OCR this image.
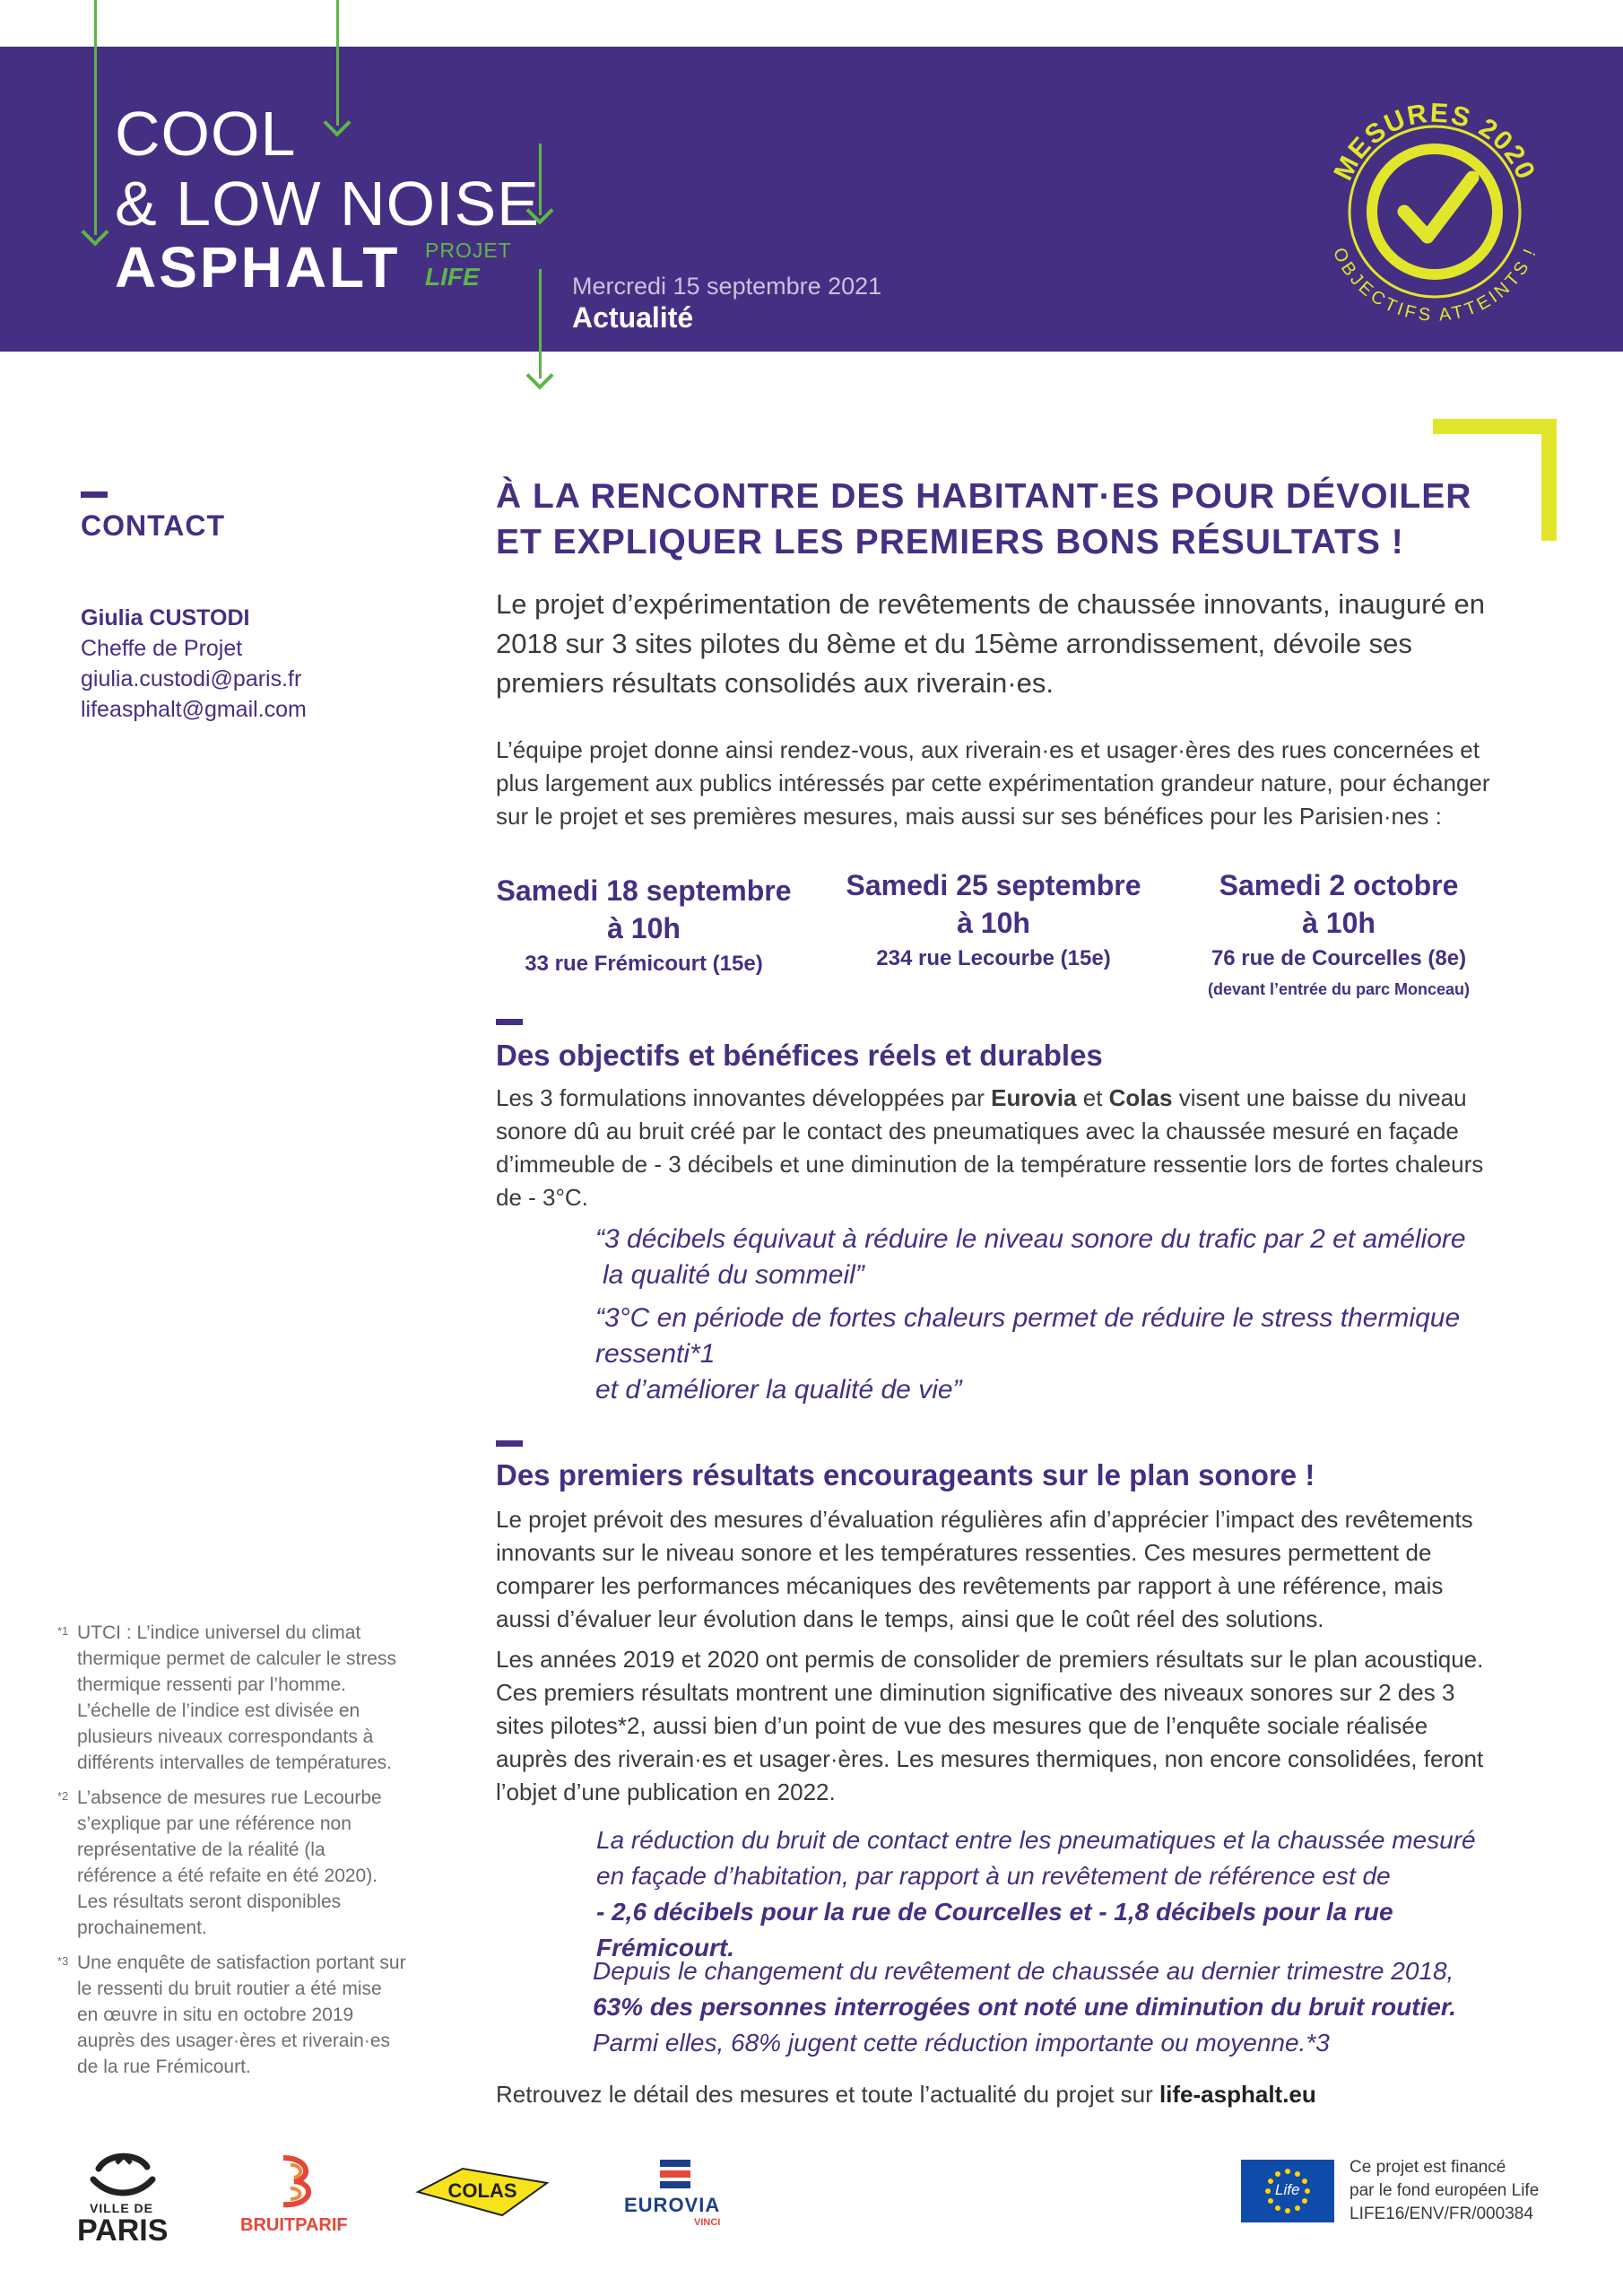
COOL
& LOW NOISE
ASPHALT PROJET
LIFE	Mercredi 15 septembre 2021
Actualité
MESURES 2020
OBJECTIFS ATTEINTS !
CONTACT
Giulia CUSTODI
Cheffe de Projet
giulia.custodi@paris.fr
lifeasphalt@gmail.com
*1 UTCI : L’indice universel du climat thermique permet de calculer le stress thermique ressenti par l’homme. L’échelle de l’indice est divisée en plusieurs niveaux correspondants à différents intervalles de températures.
*2 L’absence de mesures rue Lecourbe s’explique par une référence non représentative de la réalité (la référence a été refaite en été 2020). Les résultats seront disponibles prochainement.
*3 Une enquête de satisfaction portant sur le ressenti du bruit routier a été mise en œuvre in situ en octobre 2019 auprès des usager·ères et riverain·es de la rue Frémicourt.
À LA RENCONTRE DES HABITANT·ES POUR DÉVOILER
ET EXPLIQUER LES PREMIERS BONS RÉSULTATS !
Le projet d’expérimentation de revêtements de chaussée innovants, inauguré en 2018 sur 3 sites pilotes du 8ème et du 15ème arrondissement, dévoile ses premiers résultats consolidés aux riverain·es.
L’équipe projet donne ainsi rendez-vous, aux riverain·es et usager·ères des rues concernées et plus largement aux publics intéressés par cette expérimentation grandeur nature, pour échanger sur le projet et ses premières mesures, mais aussi sur ses bénéfices pour les Parisien·nes :
Samedi 18 septembre
à 10h
33 rue Frémicourt (15e)
Samedi 25 septembre
à 10h
234 rue Lecourbe (15e)
Samedi 2 octobre
à 10h
76 rue de Courcelles (8e)
(devant l’entrée du parc Monceau)
Des objectifs et bénéfices réels et durables
Les 3 formulations innovantes développées par Eurovia et Colas visent une baisse du niveau sonore dû au bruit créé par le contact des pneumatiques avec la chaussée mesuré en façade d’immeuble de - 3 décibels et une diminution de la température ressentie lors de fortes chaleurs de - 3°C.
“3 décibels équivaut à réduire le niveau sonore du trafic par 2 et améliore
la qualité du sommeil”
“3°C en période de fortes chaleurs permet de réduire le stress thermique
ressenti*1
et d’améliorer la qualité de vie”
Des premiers résultats encourageants sur le plan sonore !
Le projet prévoit des mesures d’évaluation régulières afin d’apprécier l’impact des revêtements innovants sur le niveau sonore et les températures ressenties. Ces mesures permettent de comparer les performances mécaniques des revêtements par rapport à une référence, mais aussi d’évaluer leur évolution dans le temps, ainsi que le coût réel des solutions.
Les années 2019 et 2020 ont permis de consolider de premiers résultats sur le plan acoustique. Ces premiers résultats montrent une diminution significative des niveaux sonores sur 2 des 3 sites pilotes*2, aussi bien d’un point de vue des mesures que de l’enquête sociale réalisée auprès des riverain·es et usager·ères. Les mesures thermiques, non encore consolidées, feront l’objet d’une publication en 2022.
La réduction du bruit de contact entre les pneumatiques et la chaussée mesuré
en façade d’habitation, par rapport à un revêtement de référence est de
- 2,6 décibels pour la rue de Courcelles et - 1,8 décibels pour la rue Frémicourt.
Depuis le changement du revêtement de chaussée au dernier trimestre 2018,
63% des personnes interrogées ont noté une diminution du bruit routier.
Parmi elles, 68% jugent cette réduction importante ou moyenne.*3
Retrouvez le détail des mesures et toute l’actualité du projet sur life-asphalt.eu
VILLE DE
PARIS	BRUITPARIF
COLAS
EUROVIA
VINCI
Life
Ce projet est financé
par le fond européen Life
LIFE16/ENV/FR/000384
